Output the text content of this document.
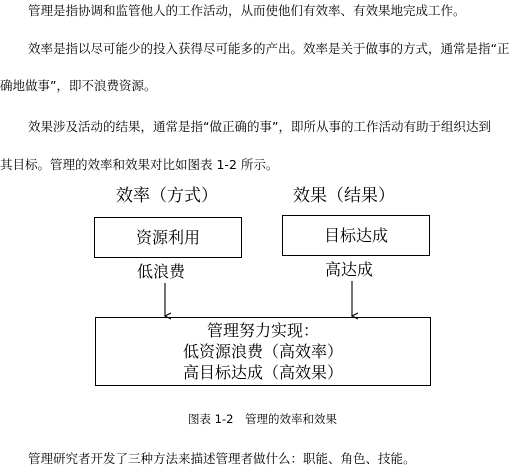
管理是指协调和监管他人的工作活动，从而使他们有效率、有效果地完成工作。

效率是指以尽可能少的投入获得尽可能多的产出。效率是关于做事的方式，通常是指“正

确地做事”，即不浪费资源。

效果涉及活动的结果，通常是指“做正确的事”，即所从事的工作活动有助于组织达到

其目标。管理的效率和效果对比如图表 1-2 所示。

效率（方式）	效果（结果）
资源利用	目标达成
低浪费	高达成
管理努力实现：
低资源浪费（高效率）
高目标达成（高效果）
图表 1-2　管理的效率和效果

管理研究者开发了三种方法来描述管理者做什么：职能、角色、技能。
